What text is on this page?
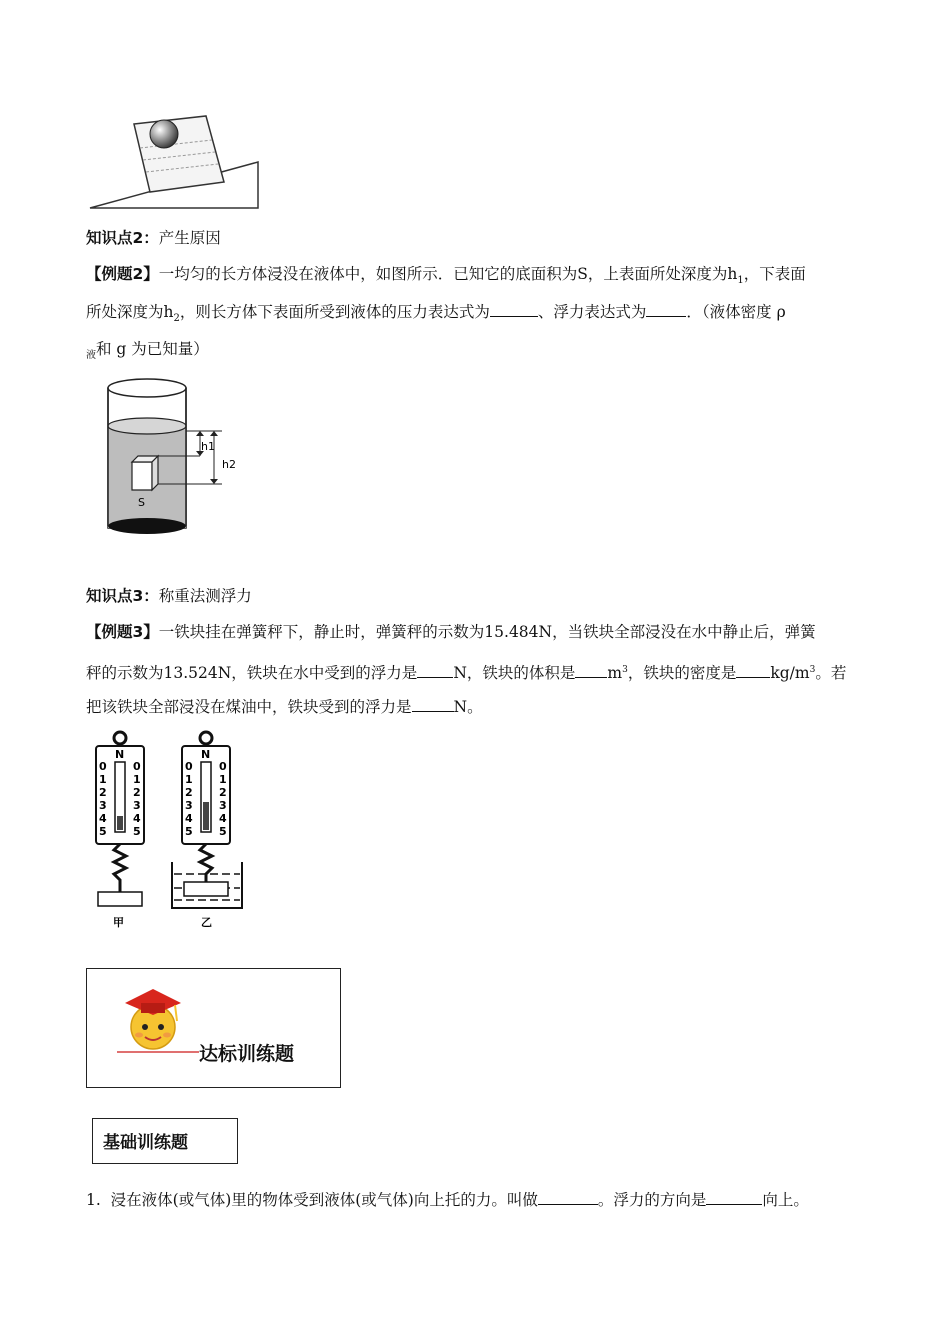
知识点2：产生原因
【例题2】一均匀的长方体浸没在液体中，如图所示．已知它的底面积为S，上表面所处深度为$h_1$，下表面
所处深度为$h_2$，则长方体下表面所受到液体的压力表达式为	、浮力表达式为	．（液体密度 ρ
$_液$和 g 为已知量）
h1
h2
S
知识点3：称重法测浮力
【例题3】一铁块挂在弹簧秤下，静止时，弹簧秤的示数为15.484N，当铁块全部浸没在水中静止后，弹簧
秤的示数为13.524N，铁块在水中受到的浮力是 N，铁块的体积是 $m^3$，铁块的密度是 $kg/m^3$。若
把该铁块全部浸没在煤油中，铁块受到的浮力是	N。
N
0
1
2
3
4
5
0
1
2
3
4
5
甲
N
0
1
2
3
4
5
0
1
2
3
4
5
乙
达标训练题
基础训练题
1. 浸在液体(或气体)里的物体受到液体(或气体)向上托的力。叫做	。浮力的方向是	向上。
